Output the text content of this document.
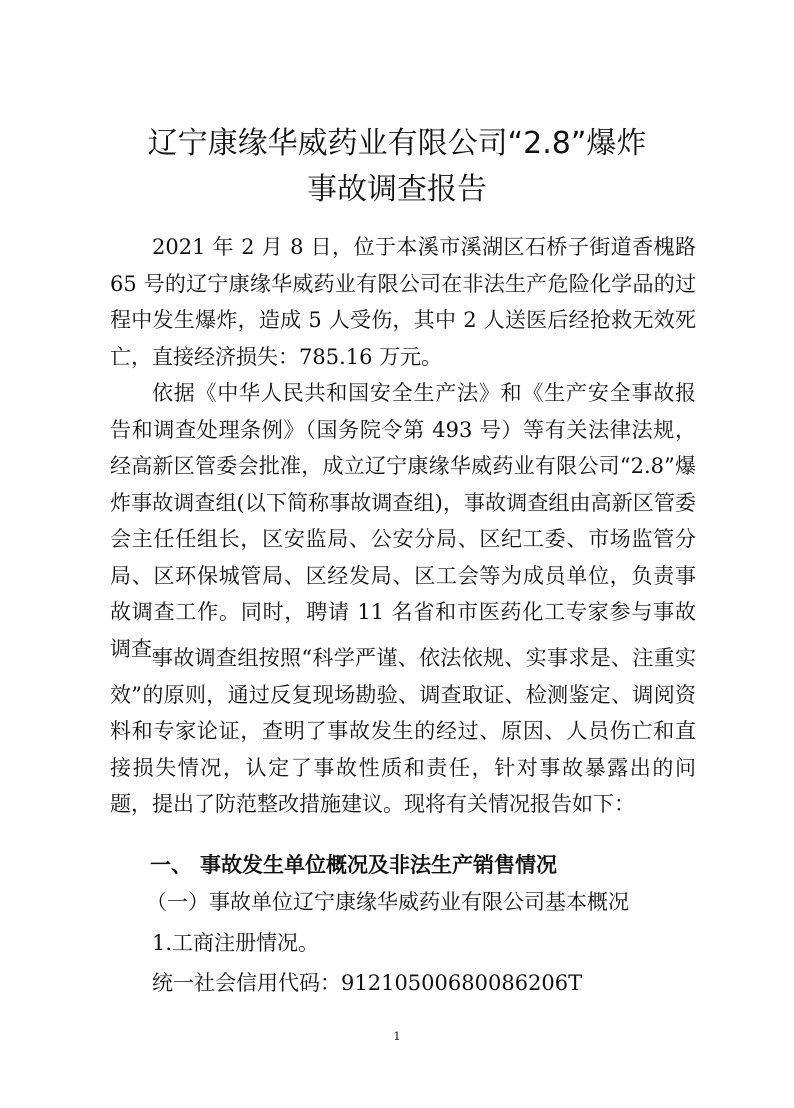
辽宁康缘华威药业有限公司“2.8”爆炸
事故调查报告

2021 年 2 月 8 日，位于本溪市溪湖区石桥子街道香槐路 65 号的辽宁康缘华威药业有限公司在非法生产危险化学品的过程中发生爆炸，造成 5 人受伤，其中 2 人送医后经抢救无效死亡，直接经济损失：785.16 万元。

依据《中华人民共和国安全生产法》和《生产安全事故报告和调查处理条例》（国务院令第 493 号）等有关法律法规，经高新区管委会批准，成立辽宁康缘华威药业有限公司“2.8”爆炸事故调查组(以下简称事故调查组)，事故调查组由高新区管委会主任任组长，区安监局、公安分局、区纪工委、市场监管分局、区环保城管局、区经发局、区工会等为成员单位，负责事故调查工作。同时，聘请 11 名省和市医药化工专家参与事故调查。

事故调查组按照“科学严谨、依法依规、实事求是、注重实效”的原则，通过反复现场勘验、调查取证、检测鉴定、调阅资料和专家论证，查明了事故发生的经过、原因、人员伤亡和直接损失情况，认定了事故性质和责任，针对事故暴露出的问题，提出了防范整改措施建议。现将有关情况报告如下：

一、 事故发生单位概况及非法生产销售情况
（一）事故单位辽宁康缘华威药业有限公司基本概况
1.工商注册情况。
统一社会信用代码：91210500680086206T
1
